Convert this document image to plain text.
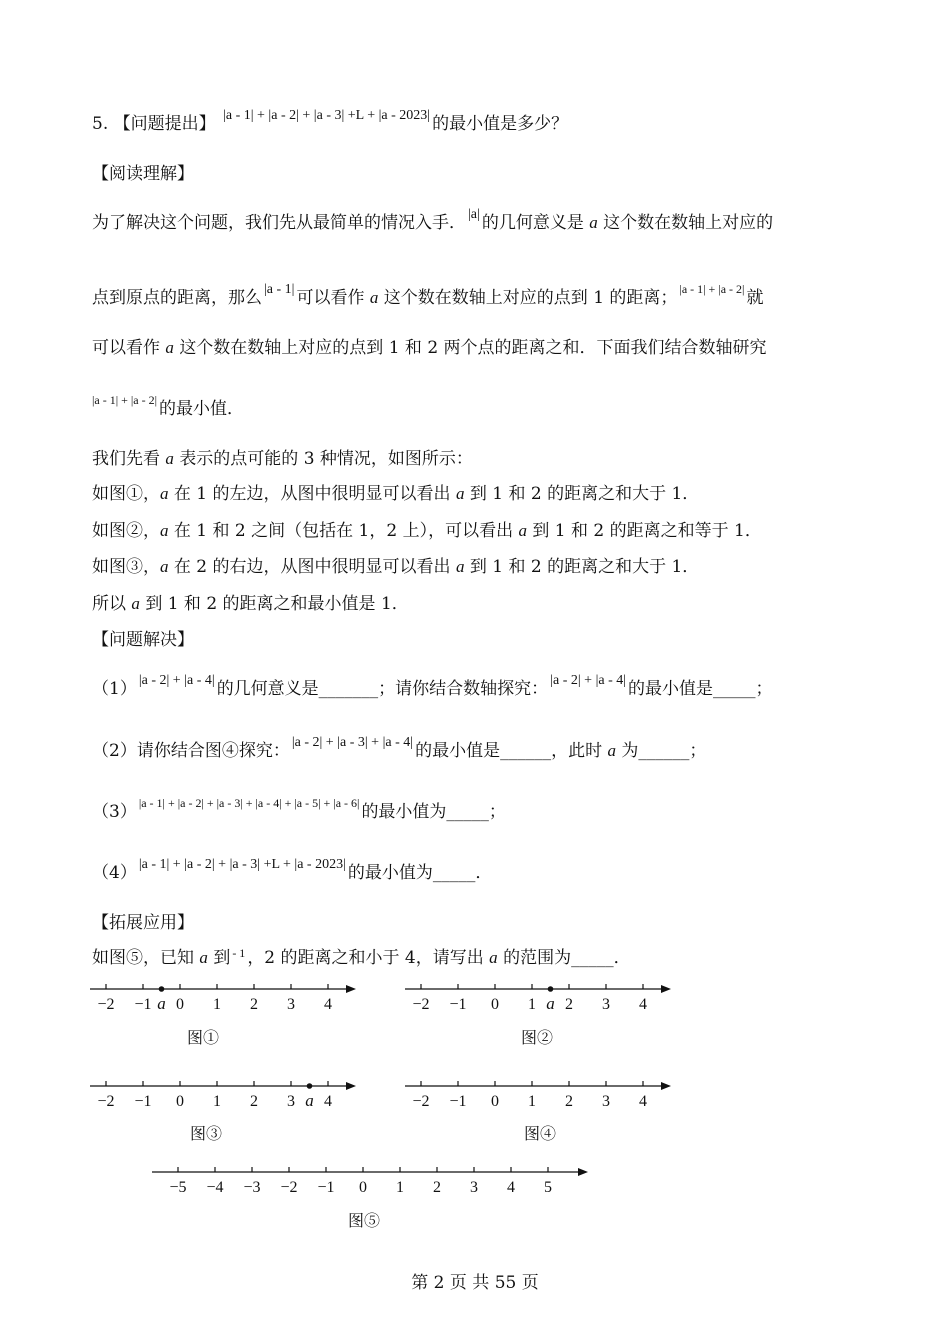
5. 【问题提出】 |a - 1| + |a - 2| + |a - 3| +L + |a - 2023| 的最小值是多少？
【阅读理解】
为了解决这个问题，我们先从最简单的情况入手． |a| 的几何意义是 a 这个数在数轴上对应的
点到原点的距离，那么 |a - 1| 可以看作 a 这个数在数轴上对应的点到 1 的距离； |a - 1| + |a - 2| 就
可以看作 a 这个数在数轴上对应的点到 1 和 2 两个点的距离之和．下面我们结合数轴研究
|a - 1| + |a - 2| 的最小值．
我们先看 a 表示的点可能的 3 种情况，如图所示：
如图①，a 在 1 的左边，从图中很明显可以看出 a 到 1 和 2 的距离之和大于 1．
如图②，a 在 1 和 2 之间（包括在 1，2 上），可以看出 a 到 1 和 2 的距离之和等于 1．
如图③，a 在 2 的右边，从图中很明显可以看出 a 到 1 和 2 的距离之和大于 1．
所以 a 到 1 和 2 的距离之和最小值是 1．
【问题解决】
（1） |a - 2| + |a - 4| 的几何意义是_______；请你结合数轴探究： |a - 2| + |a - 4| 的最小值是_____；
（2）请你结合图④探究： |a - 2| + |a - 3| + |a - 4| 的最小值是______，此时 a 为______；
（3） |a - 1| + |a - 2| + |a - 3| + |a - 4| + |a - 5| + |a - 6| 的最小值为_____；
（4） |a - 1| + |a - 2| + |a - 3| +L + |a - 2023| 的最小值为_____．
【拓展应用】
如图⑤，已知 a 到 - 1 ，2 的距离之和小于 4，请写出 a 的范围为_____．
−2 −1 0 1 2 3 4
a
图①
−2 −1 0 1 2 3 4
a
图②
−2 −1 0 1 2 3 4
a
图③
−2 −1 0 1 2 3 4
图④
−5 −4 −3 −2 −1 0 1 2 3 4 5
图⑤
第 2 页 共 55 页
